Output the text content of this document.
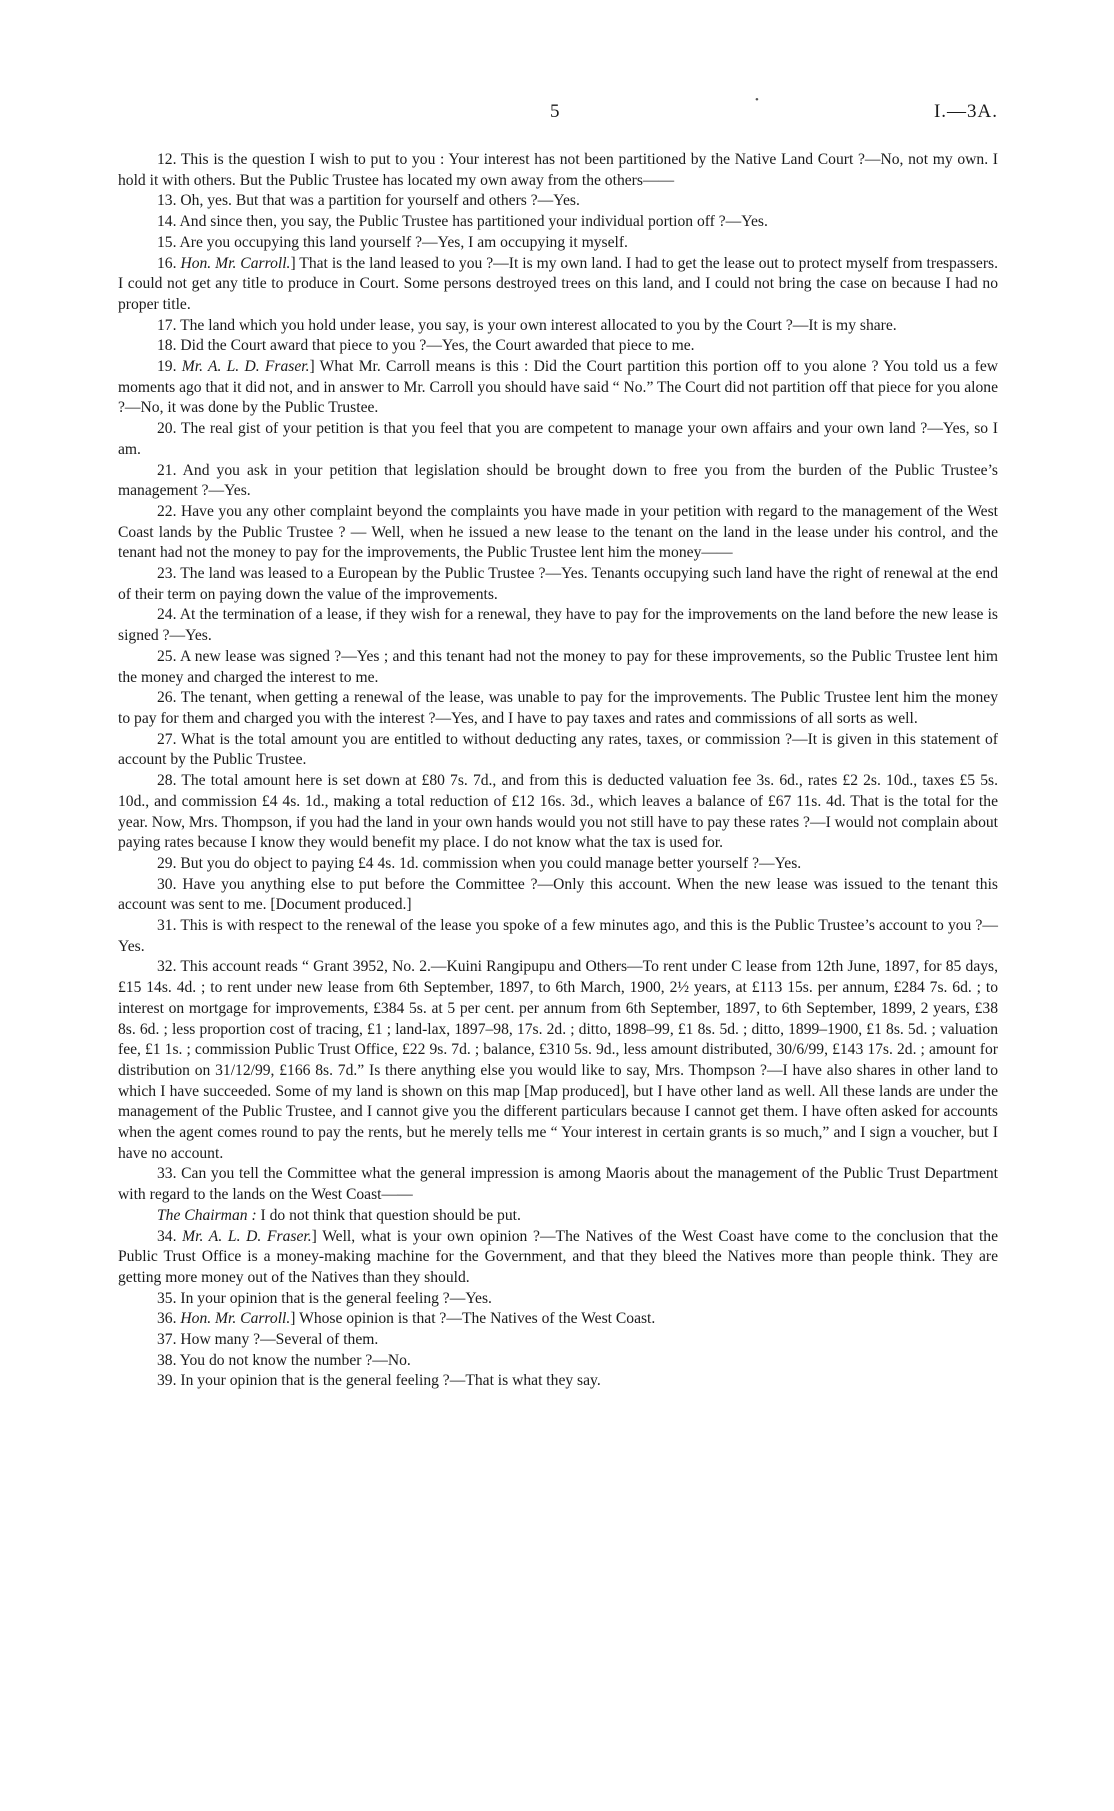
5	I.—3A.

12. This is the question I wish to put to you : Your interest has not been partitioned by the Native Land Court ?—No, not my own. I hold it with others. But the Public Trustee has located my own away from the others——

13. Oh, yes. But that was a partition for yourself and others ?—Yes.

14. And since then, you say, the Public Trustee has partitioned your individual portion off ?—Yes.

15. Are you occupying this land yourself ?—Yes, I am occupying it myself.

16. Hon. Mr. Carroll.] That is the land leased to you ?—It is my own land. I had to get the lease out to protect myself from trespassers. I could not get any title to produce in Court. Some persons destroyed trees on this land, and I could not bring the case on because I had no proper title.

17. The land which you hold under lease, you say, is your own interest allocated to you by the Court ?—It is my share.

18. Did the Court award that piece to you ?—Yes, the Court awarded that piece to me.

19. Mr. A. L. D. Fraser.] What Mr. Carroll means is this : Did the Court partition this portion off to you alone ? You told us a few moments ago that it did not, and in answer to Mr. Carroll you should have said “ No.” The Court did not partition off that piece for you alone ?—No, it was done by the Public Trustee.

20. The real gist of your petition is that you feel that you are competent to manage your own affairs and your own land ?—Yes, so I am.

21. And you ask in your petition that legislation should be brought down to free you from the burden of the Public Trustee’s management ?—Yes.

22. Have you any other complaint beyond the complaints you have made in your petition with regard to the management of the West Coast lands by the Public Trustee ? — Well, when he issued a new lease to the tenant on the land in the lease under his control, and the tenant had not the money to pay for the improvements, the Public Trustee lent him the money——

23. The land was leased to a European by the Public Trustee ?—Yes. Tenants occupying such land have the right of renewal at the end of their term on paying down the value of the improvements.

24. At the termination of a lease, if they wish for a renewal, they have to pay for the improvements on the land before the new lease is signed ?—Yes.

25. A new lease was signed ?—Yes ; and this tenant had not the money to pay for these improvements, so the Public Trustee lent him the money and charged the interest to me.

26. The tenant, when getting a renewal of the lease, was unable to pay for the improvements. The Public Trustee lent him the money to pay for them and charged you with the interest ?—Yes, and I have to pay taxes and rates and commissions of all sorts as well.

27. What is the total amount you are entitled to without deducting any rates, taxes, or commission ?—It is given in this statement of account by the Public Trustee.

28. The total amount here is set down at £80 7s. 7d., and from this is deducted valuation fee 3s. 6d., rates £2 2s. 10d., taxes £5 5s. 10d., and commission £4 4s. 1d., making a total reduction of £12 16s. 3d., which leaves a balance of £67 11s. 4d. That is the total for the year. Now, Mrs. Thompson, if you had the land in your own hands would you not still have to pay these rates ?—I would not complain about paying rates because I know they would benefit my place. I do not know what the tax is used for.

29. But you do object to paying £4 4s. 1d. commission when you could manage better yourself ?—Yes.

30. Have you anything else to put before the Committee ?—Only this account. When the new lease was issued to the tenant this account was sent to me. [Document produced.]

31. This is with respect to the renewal of the lease you spoke of a few minutes ago, and this is the Public Trustee’s account to you ?—Yes.

32. This account reads “ Grant 3952, No. 2.—Kuini Rangipupu and Others—To rent under C lease from 12th June, 1897, for 85 days, £15 14s. 4d. ; to rent under new lease from 6th September, 1897, to 6th March, 1900, 2½ years, at £113 15s. per annum, £284 7s. 6d. ; to interest on mortgage for improvements, £384 5s. at 5 per cent. per annum from 6th September, 1897, to 6th September, 1899, 2 years, £38 8s. 6d. ; less proportion cost of tracing, £1 ; land-lax, 1897–98, 17s. 2d. ; ditto, 1898–99, £1 8s. 5d. ; ditto, 1899–1900, £1 8s. 5d. ; valuation fee, £1 1s. ; commission Public Trust Office, £22 9s. 7d. ; balance, £310 5s. 9d., less amount distributed, 30/6/99, £143 17s. 2d. ; amount for distribution on 31/12/99, £166 8s. 7d.” Is there anything else you would like to say, Mrs. Thompson ?—I have also shares in other land to which I have succeeded. Some of my land is shown on this map [Map produced], but I have other land as well. All these lands are under the management of the Public Trustee, and I cannot give you the different particulars because I cannot get them. I have often asked for accounts when the agent comes round to pay the rents, but he merely tells me “ Your interest in certain grants is so much,” and I sign a voucher, but I have no account.

33. Can you tell the Committee what the general impression is among Maoris about the management of the Public Trust Department with regard to the lands on the West Coast——

The Chairman : I do not think that question should be put.

34. Mr. A. L. D. Fraser.] Well, what is your own opinion ?—The Natives of the West Coast have come to the conclusion that the Public Trust Office is a money-making machine for the Government, and that they bleed the Natives more than people think. They are getting more money out of the Natives than they should.

35. In your opinion that is the general feeling ?—Yes.

36. Hon. Mr. Carroll.] Whose opinion is that ?—The Natives of the West Coast.

37. How many ?—Several of them.

38. You do not know the number ?—No.

39. In your opinion that is the general feeling ?—That is what they say.

•
